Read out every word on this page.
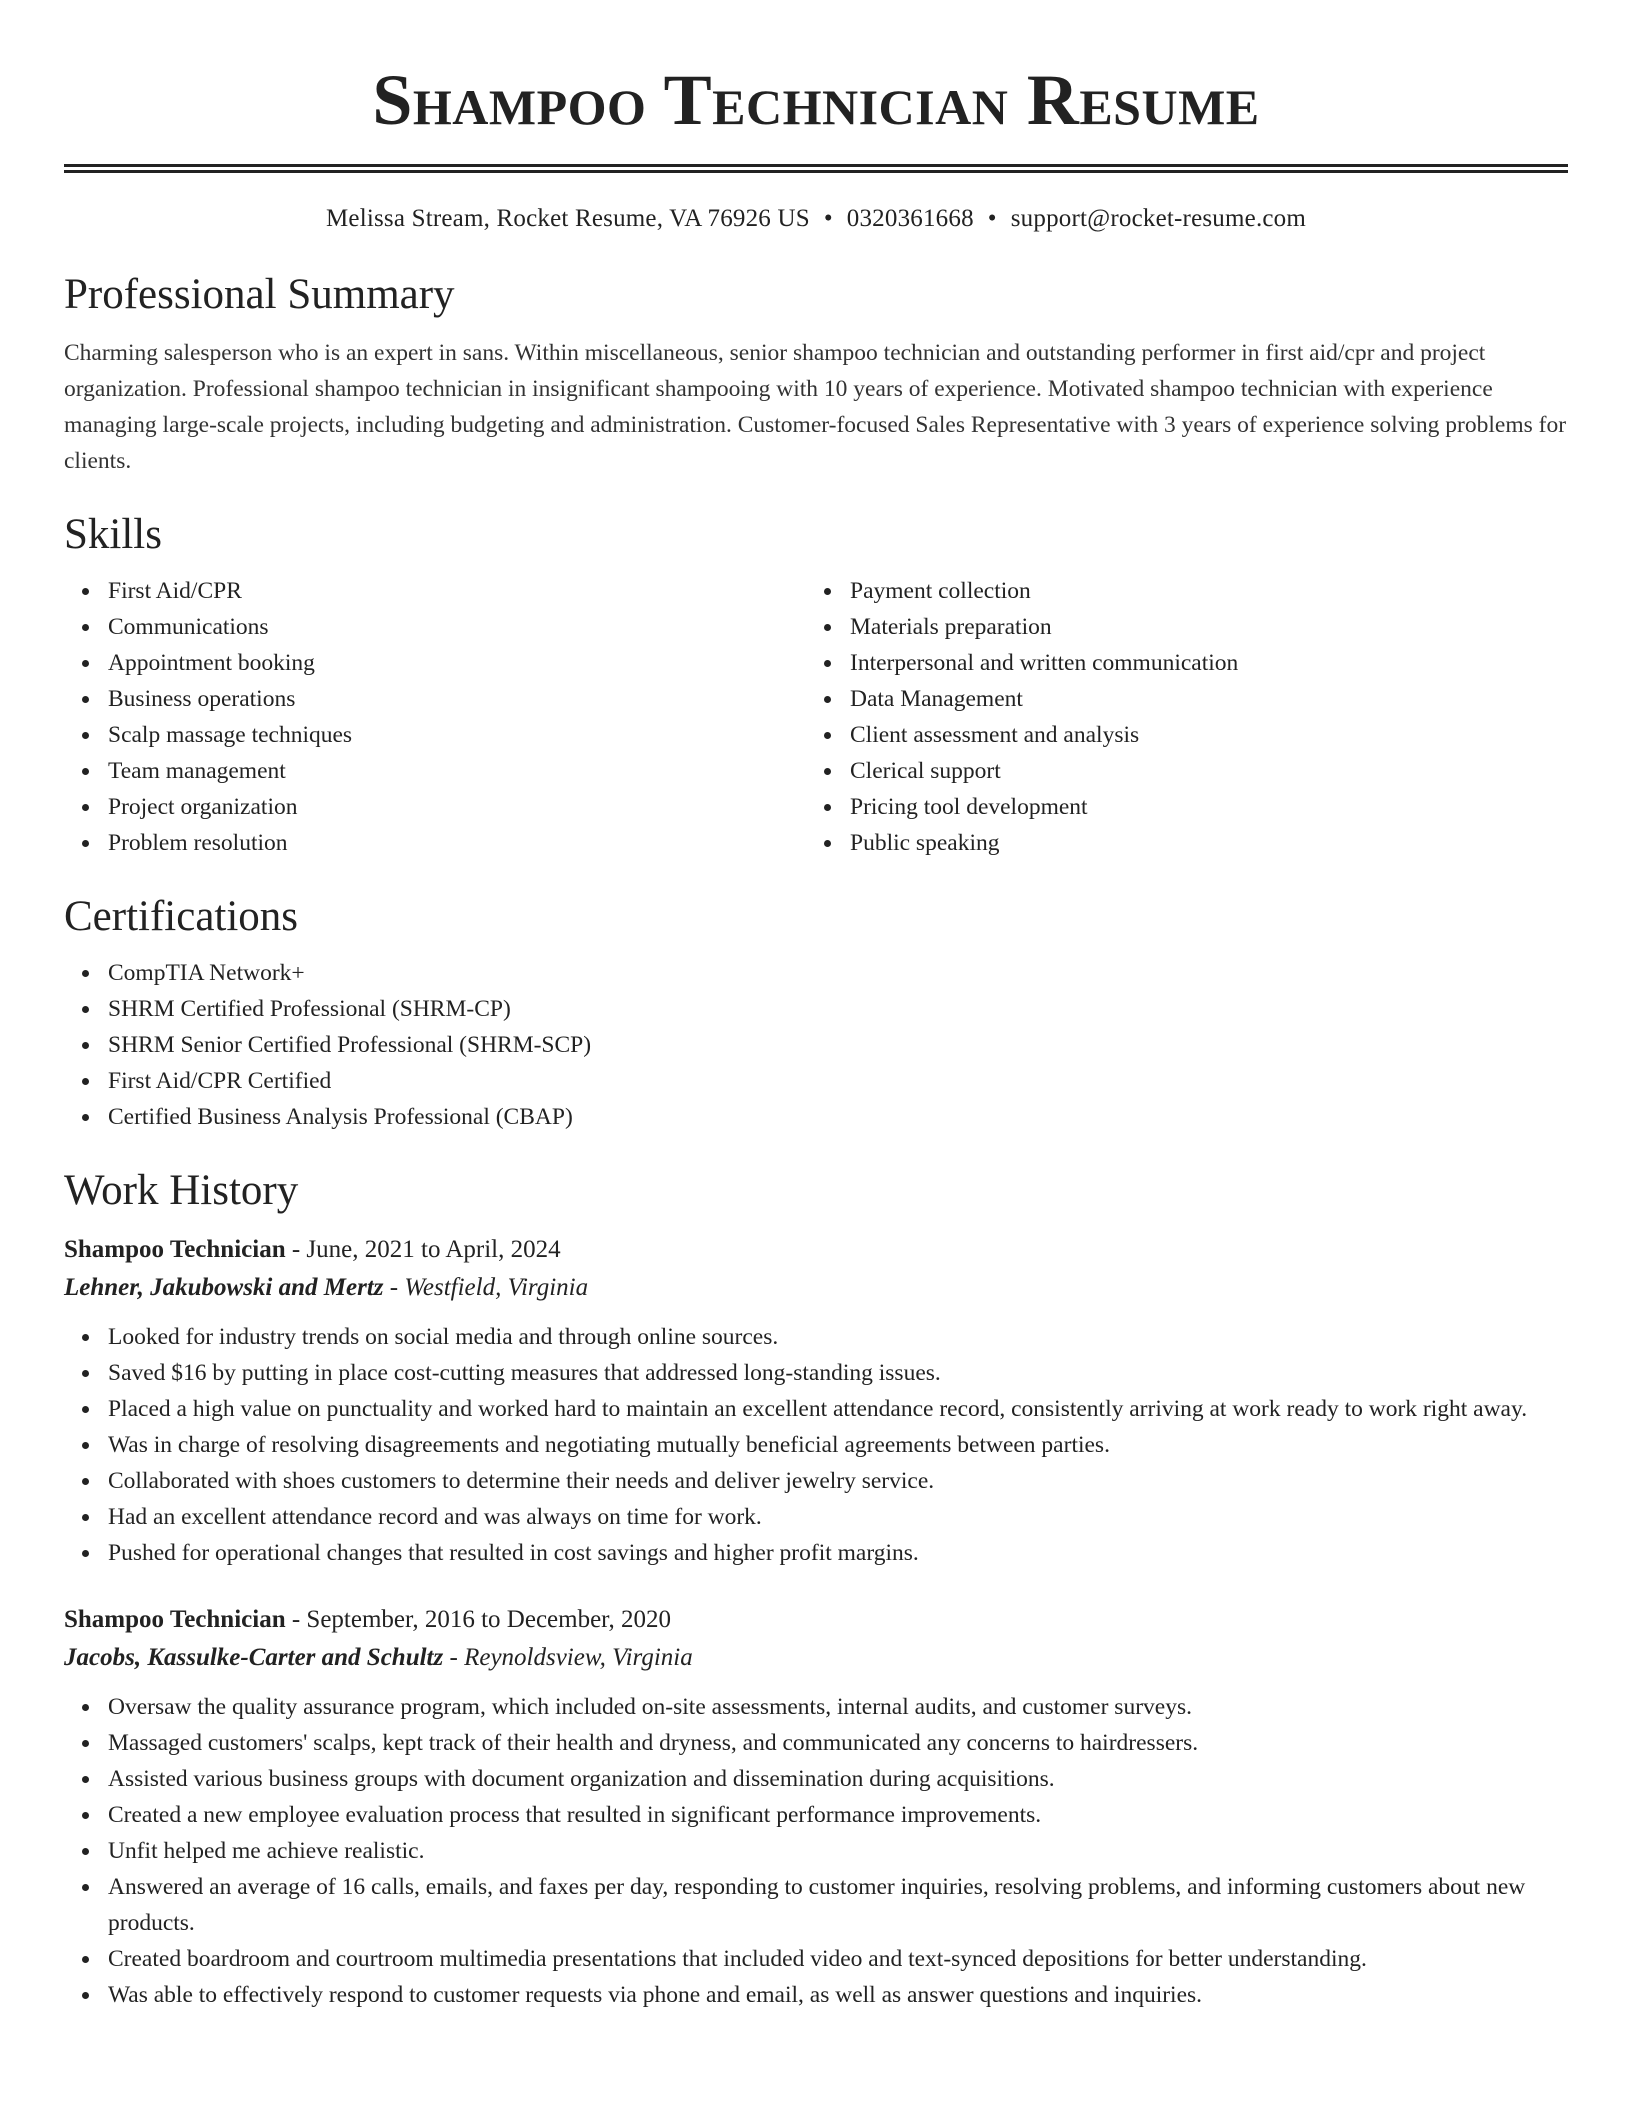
Shampoo Technician Resume
Melissa Stream, Rocket Resume, VA 76926 US • 0320361668 • support@rocket-resume.com
Professional Summary

Charming salesperson who is an expert in sans. Within miscellaneous, senior shampoo technician and outstanding performer in first aid/cpr and project organization. Professional shampoo technician in insignificant shampooing with 10 years of experience. Motivated shampoo technician with experience managing large-scale projects, including budgeting and administration. Customer-focused Sales Representative with 3 years of experience solving problems for clients.

Skills
First Aid/CPR
Communications
Appointment booking
Business operations
Scalp massage techniques
Team management
Project organization
Problem resolution
Payment collection
Materials preparation
Interpersonal and written communication
Data Management
Client assessment and analysis
Clerical support
Pricing tool development
Public speaking
Certifications
CompTIA Network+
SHRM Certified Professional (SHRM-CP)
SHRM Senior Certified Professional (SHRM-SCP)
First Aid/CPR Certified
Certified Business Analysis Professional (CBAP)
Work History
Shampoo Technician - June, 2021 to April, 2024
Lehner, Jakubowski and Mertz - Westfield, Virginia
Looked for industry trends on social media and through online sources.
Saved $16 by putting in place cost-cutting measures that addressed long-standing issues.
Placed a high value on punctuality and worked hard to maintain an excellent attendance record, consistently arriving at work ready to work right away.
Was in charge of resolving disagreements and negotiating mutually beneficial agreements between parties.
Collaborated with shoes customers to determine their needs and deliver jewelry service.
Had an excellent attendance record and was always on time for work.
Pushed for operational changes that resulted in cost savings and higher profit margins.
Shampoo Technician - September, 2016 to December, 2020
Jacobs, Kassulke-Carter and Schultz - Reynoldsview, Virginia
Oversaw the quality assurance program, which included on-site assessments, internal audits, and customer surveys.
Massaged customers' scalps, kept track of their health and dryness, and communicated any concerns to hairdressers.
Assisted various business groups with document organization and dissemination during acquisitions.
Created a new employee evaluation process that resulted in significant performance improvements.
Unfit helped me achieve realistic.
Answered an average of 16 calls, emails, and faxes per day, responding to customer inquiries, resolving problems, and informing customers about new products.
Created boardroom and courtroom multimedia presentations that included video and text-synced depositions for better understanding.
Was able to effectively respond to customer requests via phone and email, as well as answer questions and inquiries.
